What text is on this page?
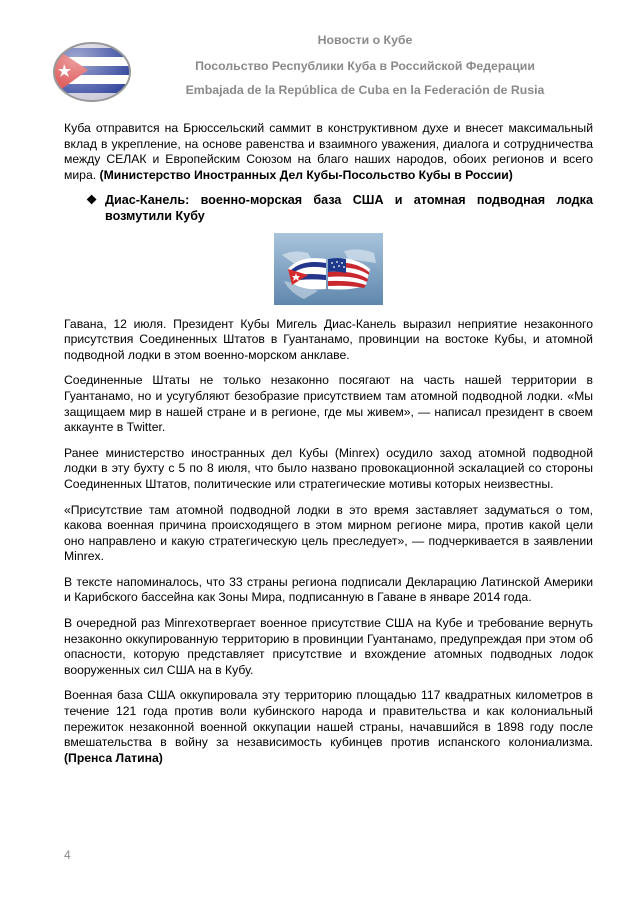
Новости о Кубе
Посольство Республики Куба в Российской Федерации
Embajada de la República de Cuba en la Federación de Rusia

Куба отправится на Брюссельский саммит в конструктивном духе и внесет максимальный вклад в укрепление, на основе равенства и взаимного уважения, диалога и сотрудничества между СЕЛАК и Европейским Союзом на благо наших народов, обоих регионов и всего мира. (Министерство Иностранных Дел Кубы-Посольство Кубы в России)

❖ Диас-Канель: военно-морская база США и атомная подводная лодка возмутили Кубу

Гавана, 12 июля. Президент Кубы Мигель Диас-Канель выразил неприятие незаконного присутствия Соединенных Штатов в Гуантанамо, провинции на востоке Кубы, и атомной подводной лодки в этом военно-морском анклаве.

Соединенные Штаты не только незаконно посягают на часть нашей территории в Гуантанамо, но и усугубляют безобразие присутствием там атомной подводной лодки. «Мы защищаем мир в нашей стране и в регионе, где мы живем», — написал президент в своем аккаунте в Twitter.

Ранее министерство иностранных дел Кубы (Minrex) осудило заход атомной подводной лодки в эту бухту с 5 по 8 июля, что было названо провокационной эскалацией со стороны Соединенных Штатов, политические или стратегические мотивы которых неизвестны.

«Присутствие там атомной подводной лодки в это время заставляет задуматься о том, какова военная причина происходящего в этом мирном регионе мира, против какой цели оно направлено и какую стратегическую цель преследует», — подчеркивается в заявлении Minrex.

В тексте напоминалось, что 33 страны региона подписали Декларацию Латинской Америки и Карибского бассейна как Зоны Мира, подписанную в Гаване в январе 2014 года.

В очередной раз Minrexотвергает военное присутствие США на Кубе и требование вернуть незаконно оккупированную территорию в провинции Гуантанамо, предупреждая при этом об опасности, которую представляет присутствие и вхождение атомных подводных лодок вооруженных сил США на в Кубу.

Военная база США оккупировала эту территорию площадью 117 квадратных километров в течение 121 года против воли кубинского народа и правительства и как колониальный пережиток незаконной военной оккупации нашей страны, начавшийся в 1898 году после вмешательства в войну за независимость кубинцев против испанского колониализма. (Пренса Латина)

4
